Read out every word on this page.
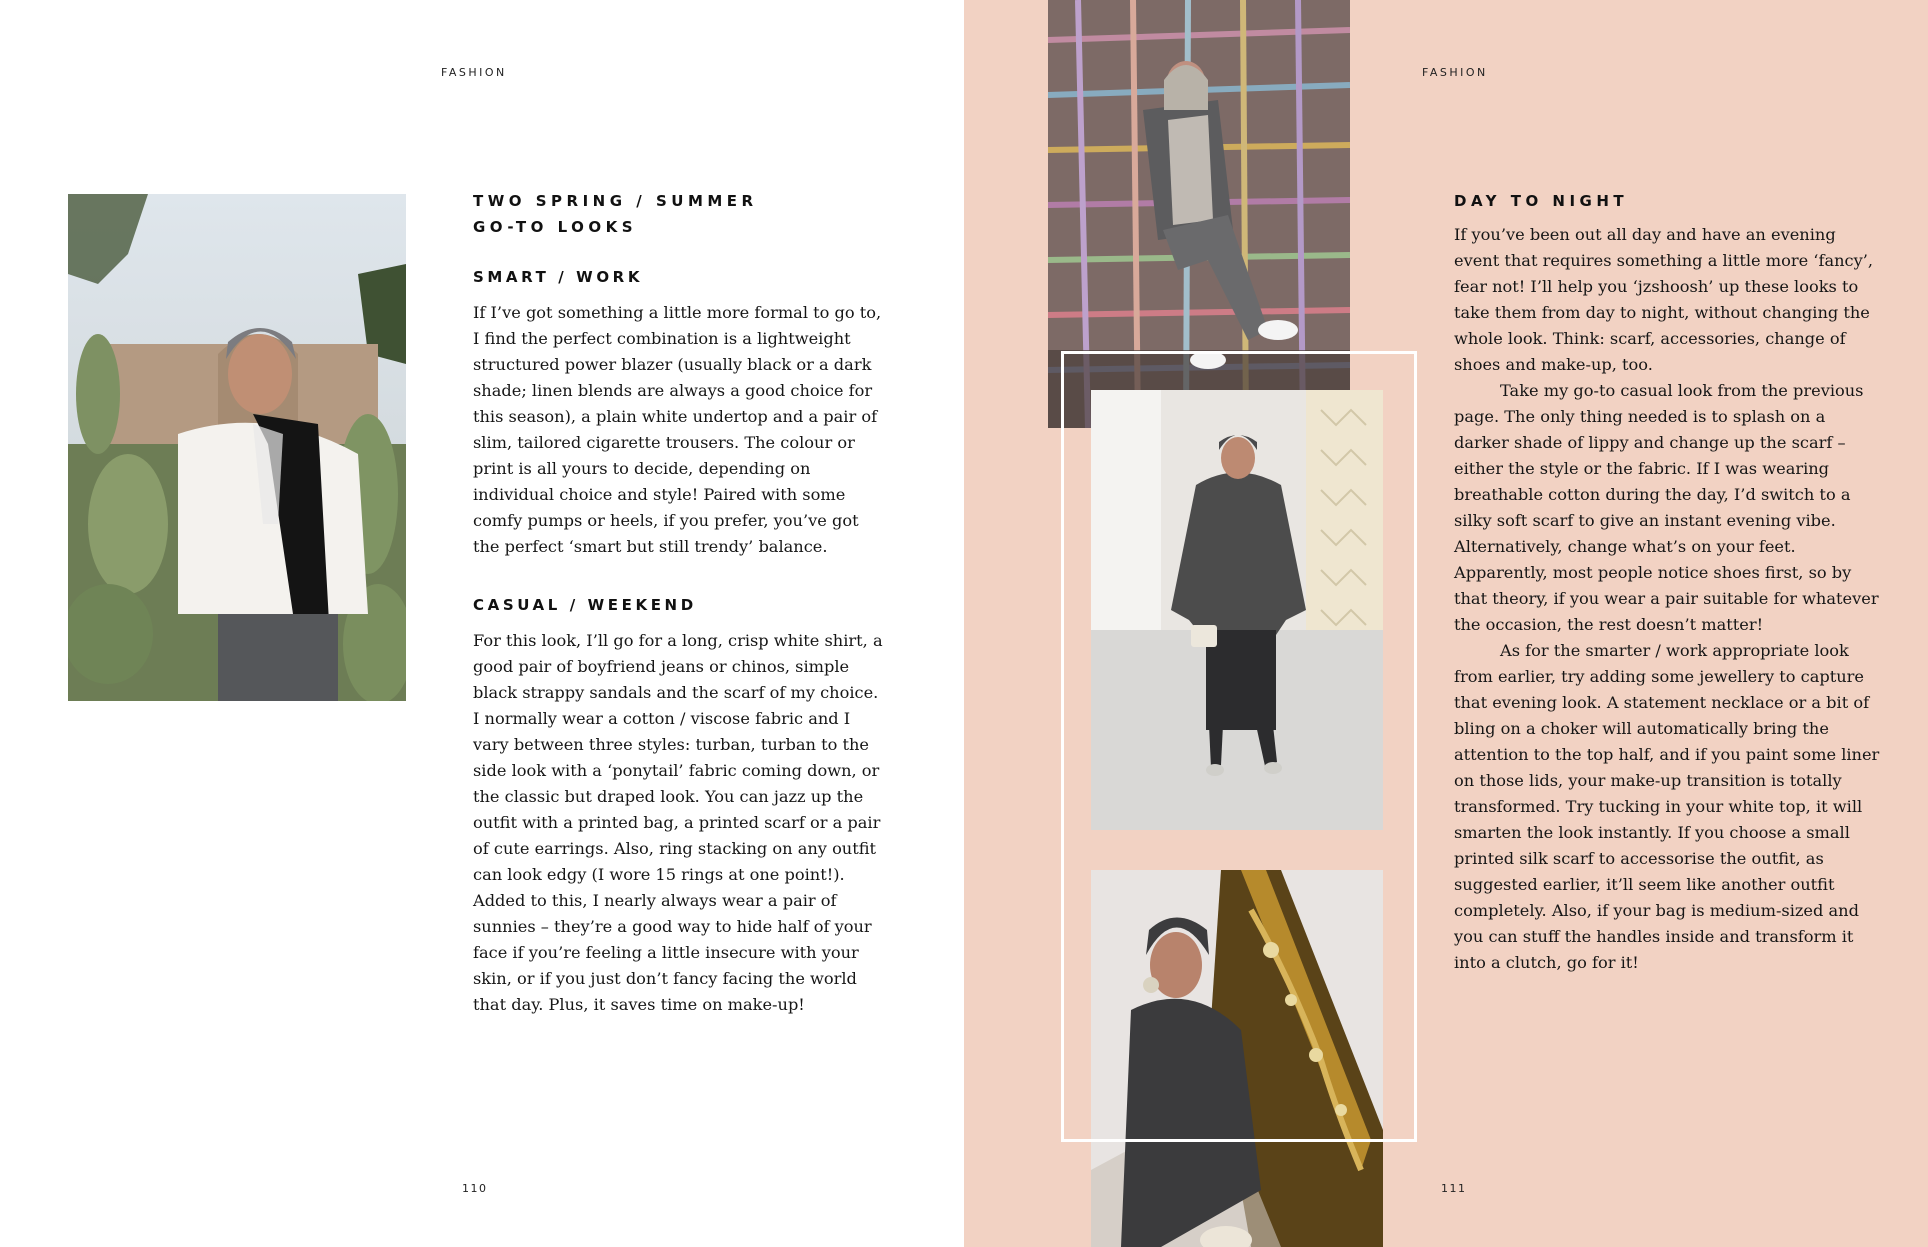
FASHION
TWO SPRING / SUMMER
GO-TO LOOKS
SMART / WORK

If I’ve got something a little more formal to go to, I find the perfect combination is a lightweight structured power blazer (usually black or a dark shade; linen blends are always a good choice for this season), a plain white undertop and a pair of slim, tailored cigarette trousers. The colour or print is all yours to decide, depending on individual choice and style! Paired with some comfy pumps or heels, if you prefer, you’ve got the perfect ‘smart but still trendy’ balance.

CASUAL / WEEKEND

For this look, I’ll go for a long, crisp white shirt, a good pair of boyfriend jeans or chinos, simple black strappy sandals and the scarf of my choice. I normally wear a cotton / viscose fabric and I vary between three styles: turban, turban to the side look with a ‘ponytail’ fabric coming down, or the classic but draped look. You can jazz up the outfit with a printed bag, a printed scarf or a pair of cute earrings. Also, ring stacking on any outfit can look edgy (I wore 15 rings at one point!). Added to this, I nearly always wear a pair of sunnies – they’re a good way to hide half of your face if you’re feeling a little insecure with your skin, or if you just don’t fancy facing the world that day. Plus, it saves time on make-up!

110
FASHION
DAY TO NIGHT

If you’ve been out all day and have an evening event that requires something a little more ‘fancy’, fear not! I’ll help you ‘jzshoosh’ up these looks to take them from day to night, without changing the whole look. Think: scarf, accessories, change of shoes and make-up, too.

Take my go-to casual look from the previous page. The only thing needed is to splash on a darker shade of lippy and change up the scarf – either the style or the fabric. If I was wearing breathable cotton during the day, I’d switch to a silky soft scarf to give an instant evening vibe. Alternatively, change what’s on your feet. Apparently, most people notice shoes first, so by that theory, if you wear a pair suitable for whatever the occasion, the rest doesn’t matter!

As for the smarter / work appropriate look from earlier, try adding some jewellery to capture that evening look. A statement necklace or a bit of bling on a choker will automatically bring the attention to the top half, and if you paint some liner on those lids, your make-up transition is totally transformed. Try tucking in your white top, it will smarten the look instantly. If you choose a small printed silk scarf to accessorise the outfit, as suggested earlier, it’ll seem like another outfit completely. Also, if your bag is medium-sized and you can stuff the handles inside and transform it into a clutch, go for it!

111
